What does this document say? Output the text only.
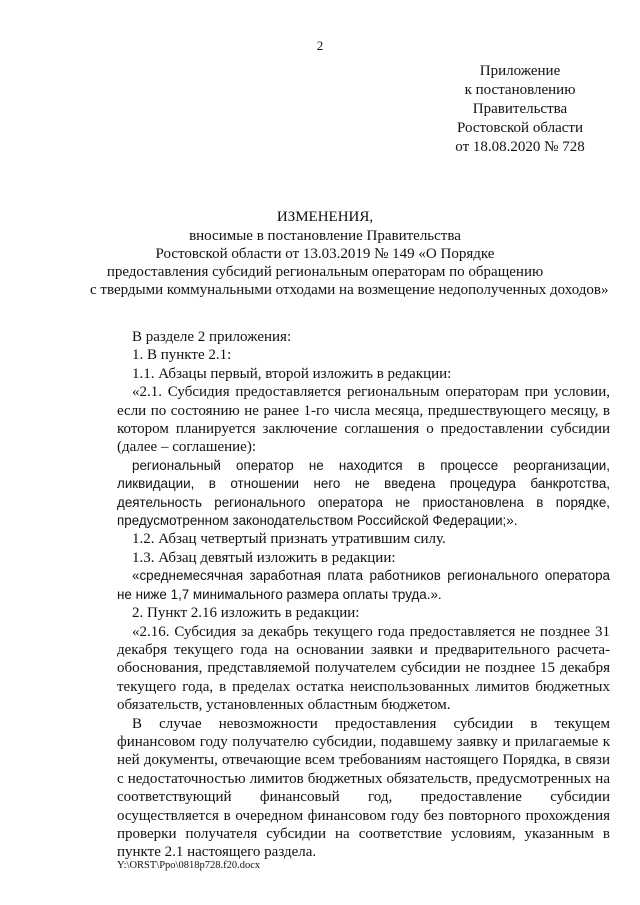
2
Приложение
к постановлению
Правительства
Ростовской области
от 18.08.2020 № 728
ИЗМЕНЕНИЯ,
вносимые в постановление Правительства
Ростовской области от 13.03.2019 № 149 «О Порядке
предоставления субсидий региональным операторам по обращению
с твердыми коммунальными отходами на возмещение недополученных доходов»

В разделе 2 приложения:

1. В пункте 2.1:

1.1. Абзацы первый, второй изложить в редакции:

«2.1. Субсидия предоставляется региональным операторам при условии, если по состоянию не ранее 1-го числа месяца, предшествующего месяцу, в котором планируется заключение соглашения о предоставлении субсидии (далее – соглашение):

региональный оператор не находится в процессе реорганизации, ликвидации, в отношении него не введена процедура банкротства, деятельность регионального оператора не приостановлена в порядке, предусмотренном законодательством Российской Федерации;».

1.2. Абзац четвертый признать утратившим силу.

1.3. Абзац девятый изложить в редакции:

«среднемесячная заработная плата работников регионального оператора не ниже 1,7 минимального размера оплаты труда.».

2. Пункт 2.16 изложить в редакции:

«2.16. Субсидия за декабрь текущего года предоставляется не позднее 31 декабря текущего года на основании заявки и предварительного расчета-обоснования, представляемой получателем субсидии не позднее 15 декабря текущего года, в пределах остатка неиспользованных лимитов бюджетных обязательств, установленных областным бюджетом.

В случае невозможности предоставления субсидии в текущем финансовом году получателю субсидии, подавшему заявку и прилагаемые к ней документы, отвечающие всем требованиям настоящего Порядка, в связи с недостаточностью лимитов бюджетных обязательств, предусмотренных на соответствующий финансовый год, предоставление субсидии осуществляется в очередном финансовом году без повторного прохождения проверки получателя субсидии на соответствие условиям, указанным в пункте 2.1 настоящего раздела.

Y:\ORST\Ppo\0818p728.f20.docx
